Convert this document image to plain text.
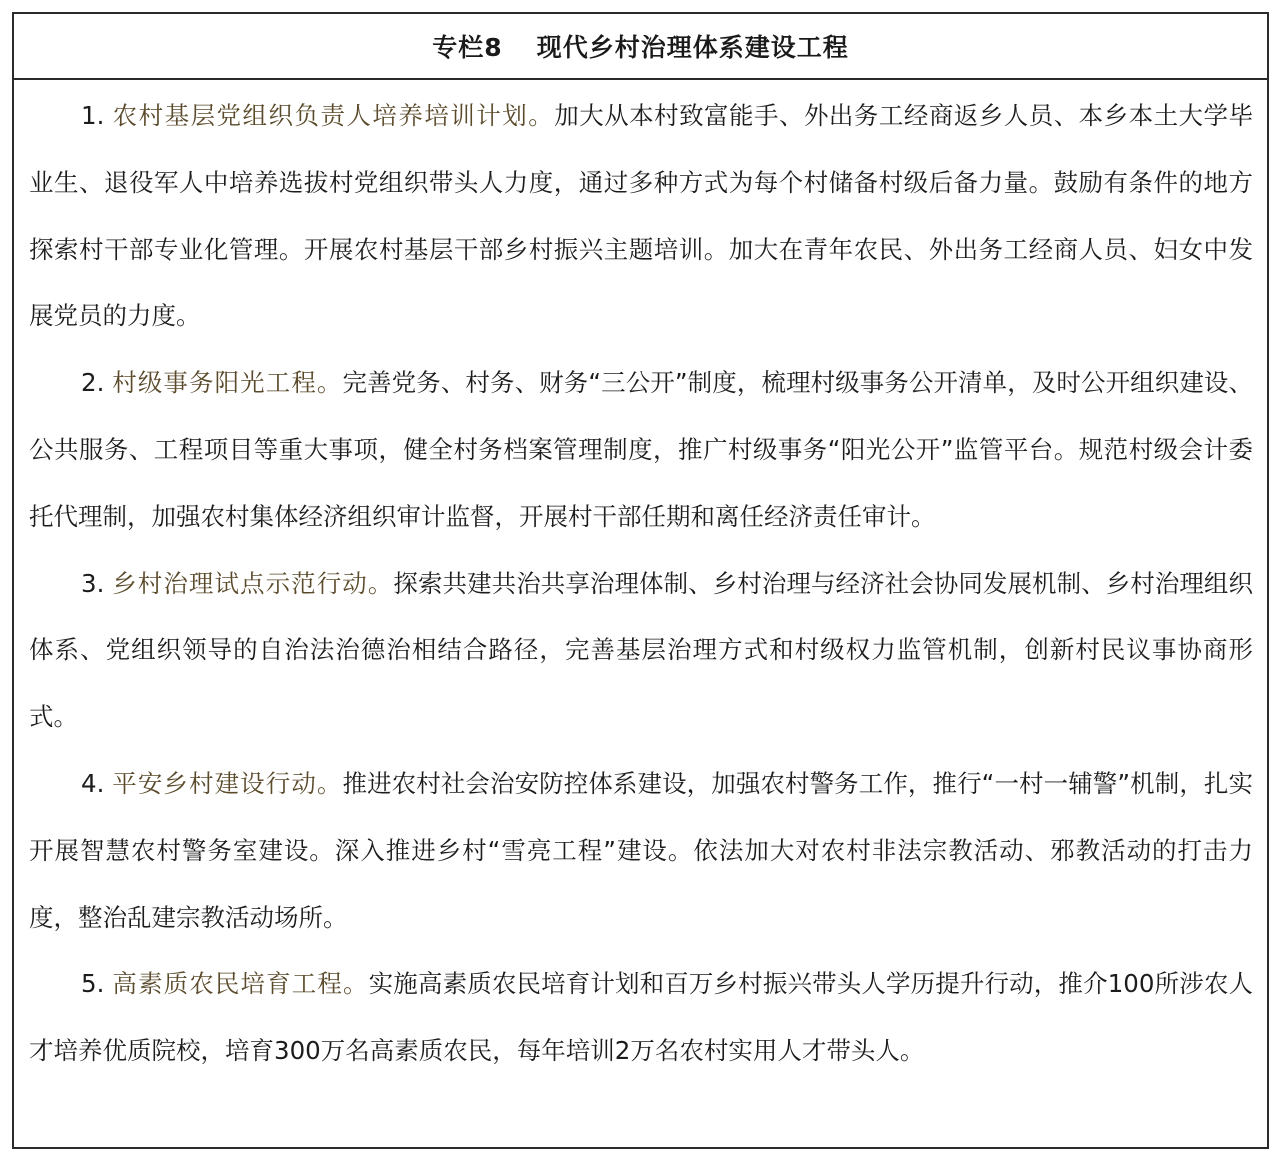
专栏8 现代乡村治理体系建设工程

1. 农村基层党组织负责人培养培训计划。加大从本村致富能手、外出务工经商返乡人员、本乡本土大学毕业生、退役军人中培养选拔村党组织带头人力度，通过多种方式为每个村储备村级后备力量。鼓励有条件的地方探索村干部专业化管理。开展农村基层干部乡村振兴主题培训。加大在青年农民、外出务工经商人员、妇女中发展党员的力度。

2. 村级事务阳光工程。完善党务、村务、财务“三公开”制度，梳理村级事务公开清单，及时公开组织建设、公共服务、工程项目等重大事项，健全村务档案管理制度，推广村级事务“阳光公开”监管平台。规范村级会计委托代理制，加强农村集体经济组织审计监督，开展村干部任期和离任经济责任审计。

3. 乡村治理试点示范行动。探索共建共治共享治理体制、乡村治理与经济社会协同发展机制、乡村治理组织体系、党组织领导的自治法治德治相结合路径，完善基层治理方式和村级权力监管机制，创新村民议事协商形式。

4. 平安乡村建设行动。推进农村社会治安防控体系建设，加强农村警务工作，推行“一村一辅警”机制，扎实开展智慧农村警务室建设。深入推进乡村“雪亮工程”建设。依法加大对农村非法宗教活动、邪教活动的打击力度，整治乱建宗教活动场所。

5. 高素质农民培育工程。实施高素质农民培育计划和百万乡村振兴带头人学历提升行动，推介100所涉农人才培养优质院校，培育300万名高素质农民，每年培训2万名农村实用人才带头人。
